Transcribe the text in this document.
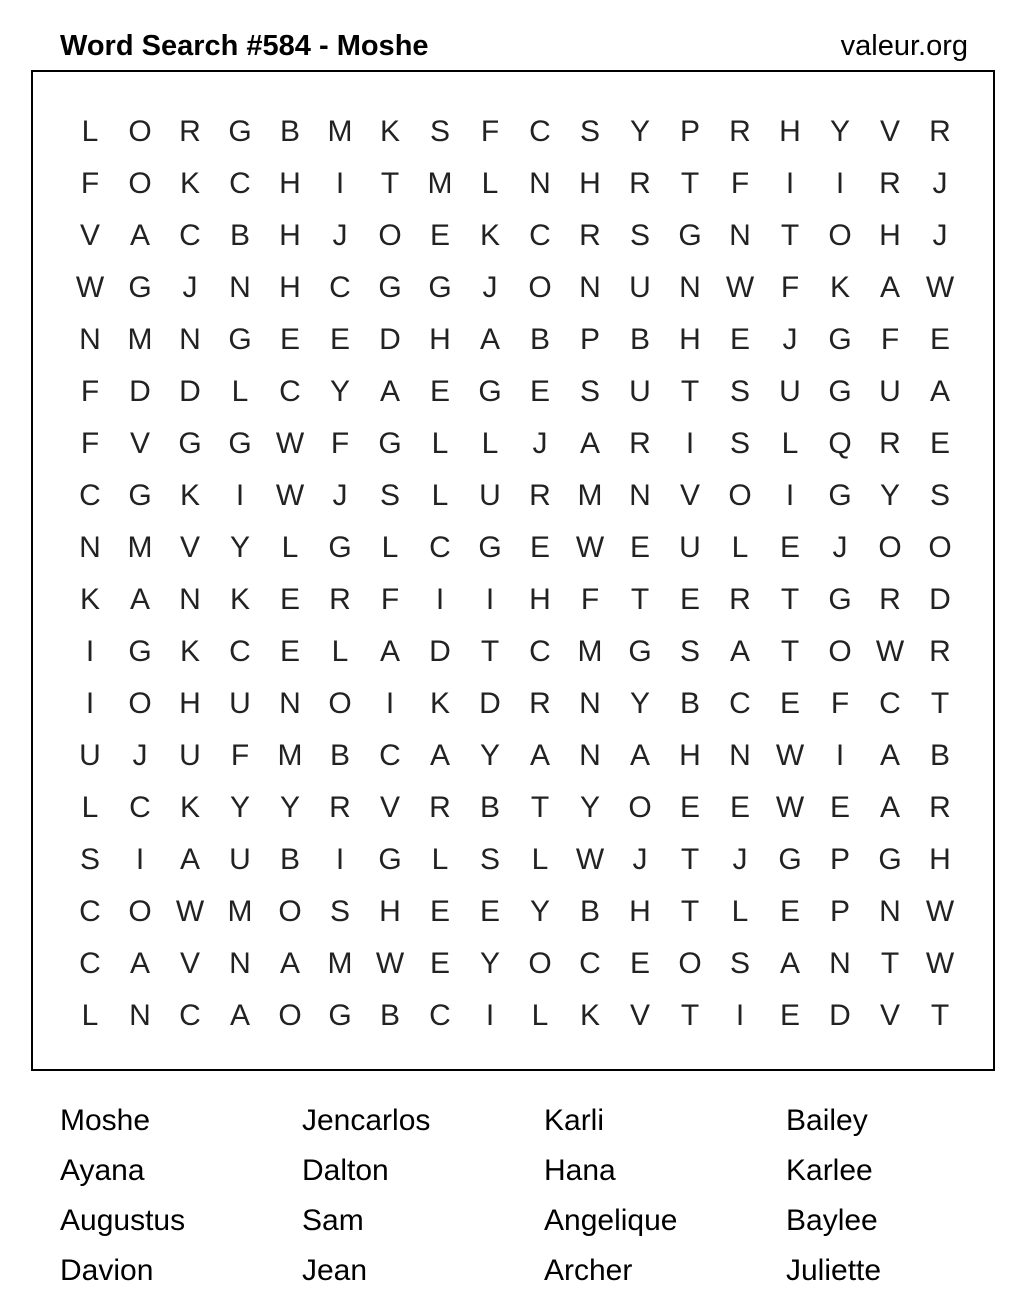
Word Search #584 - Moshe	valeur.org
L O R G B M K S	F	C S Y P R H Y V R
F O K C H	I	T M L	N H R	T	F	I	I	R	J
V A C B H	J	O E K C R S G N	T O H	J
W G	J	N H C G G	J	O N U N W F	K A W
N M N G E E D H A B P B H E	J	G F	E
F	D D	L	C Y A E G E S U	T	S U G U A
F	V G G W F G L	L	J	A R	I	S	L Q R E
C G K	I	W J	S	L	U R M N V O	I	G Y S
N M V Y	L G L	C G E W E U	L	E	J	O O
K A N K E R	F	I	I	H	F	T	E R	T G R D
I	G K C E	L	A D	T	C M G S A	T O W R
I	O H U N O	I	K D R N Y B C E	F	C	T
U	J	U	F M B C A Y A N A H N W	I	A B
L	C K Y Y R V R B	T	Y O E E W E A R
S	I	A U B	I	G L	S	L W J	T	J	G P G H
C O W M O S H E E Y B H	T	L	E P N W
C A V N A M W E Y O C E O S A N	T W
L	N C A O G B C	I	L	K V	T	I	E D V	T
Moshe	Jencarlos	Karli	Bailey
Ayana	Dalton	Hana	Karlee
Augustus	Sam	Angelique	Baylee
Davion	Jean	Archer	Juliette
